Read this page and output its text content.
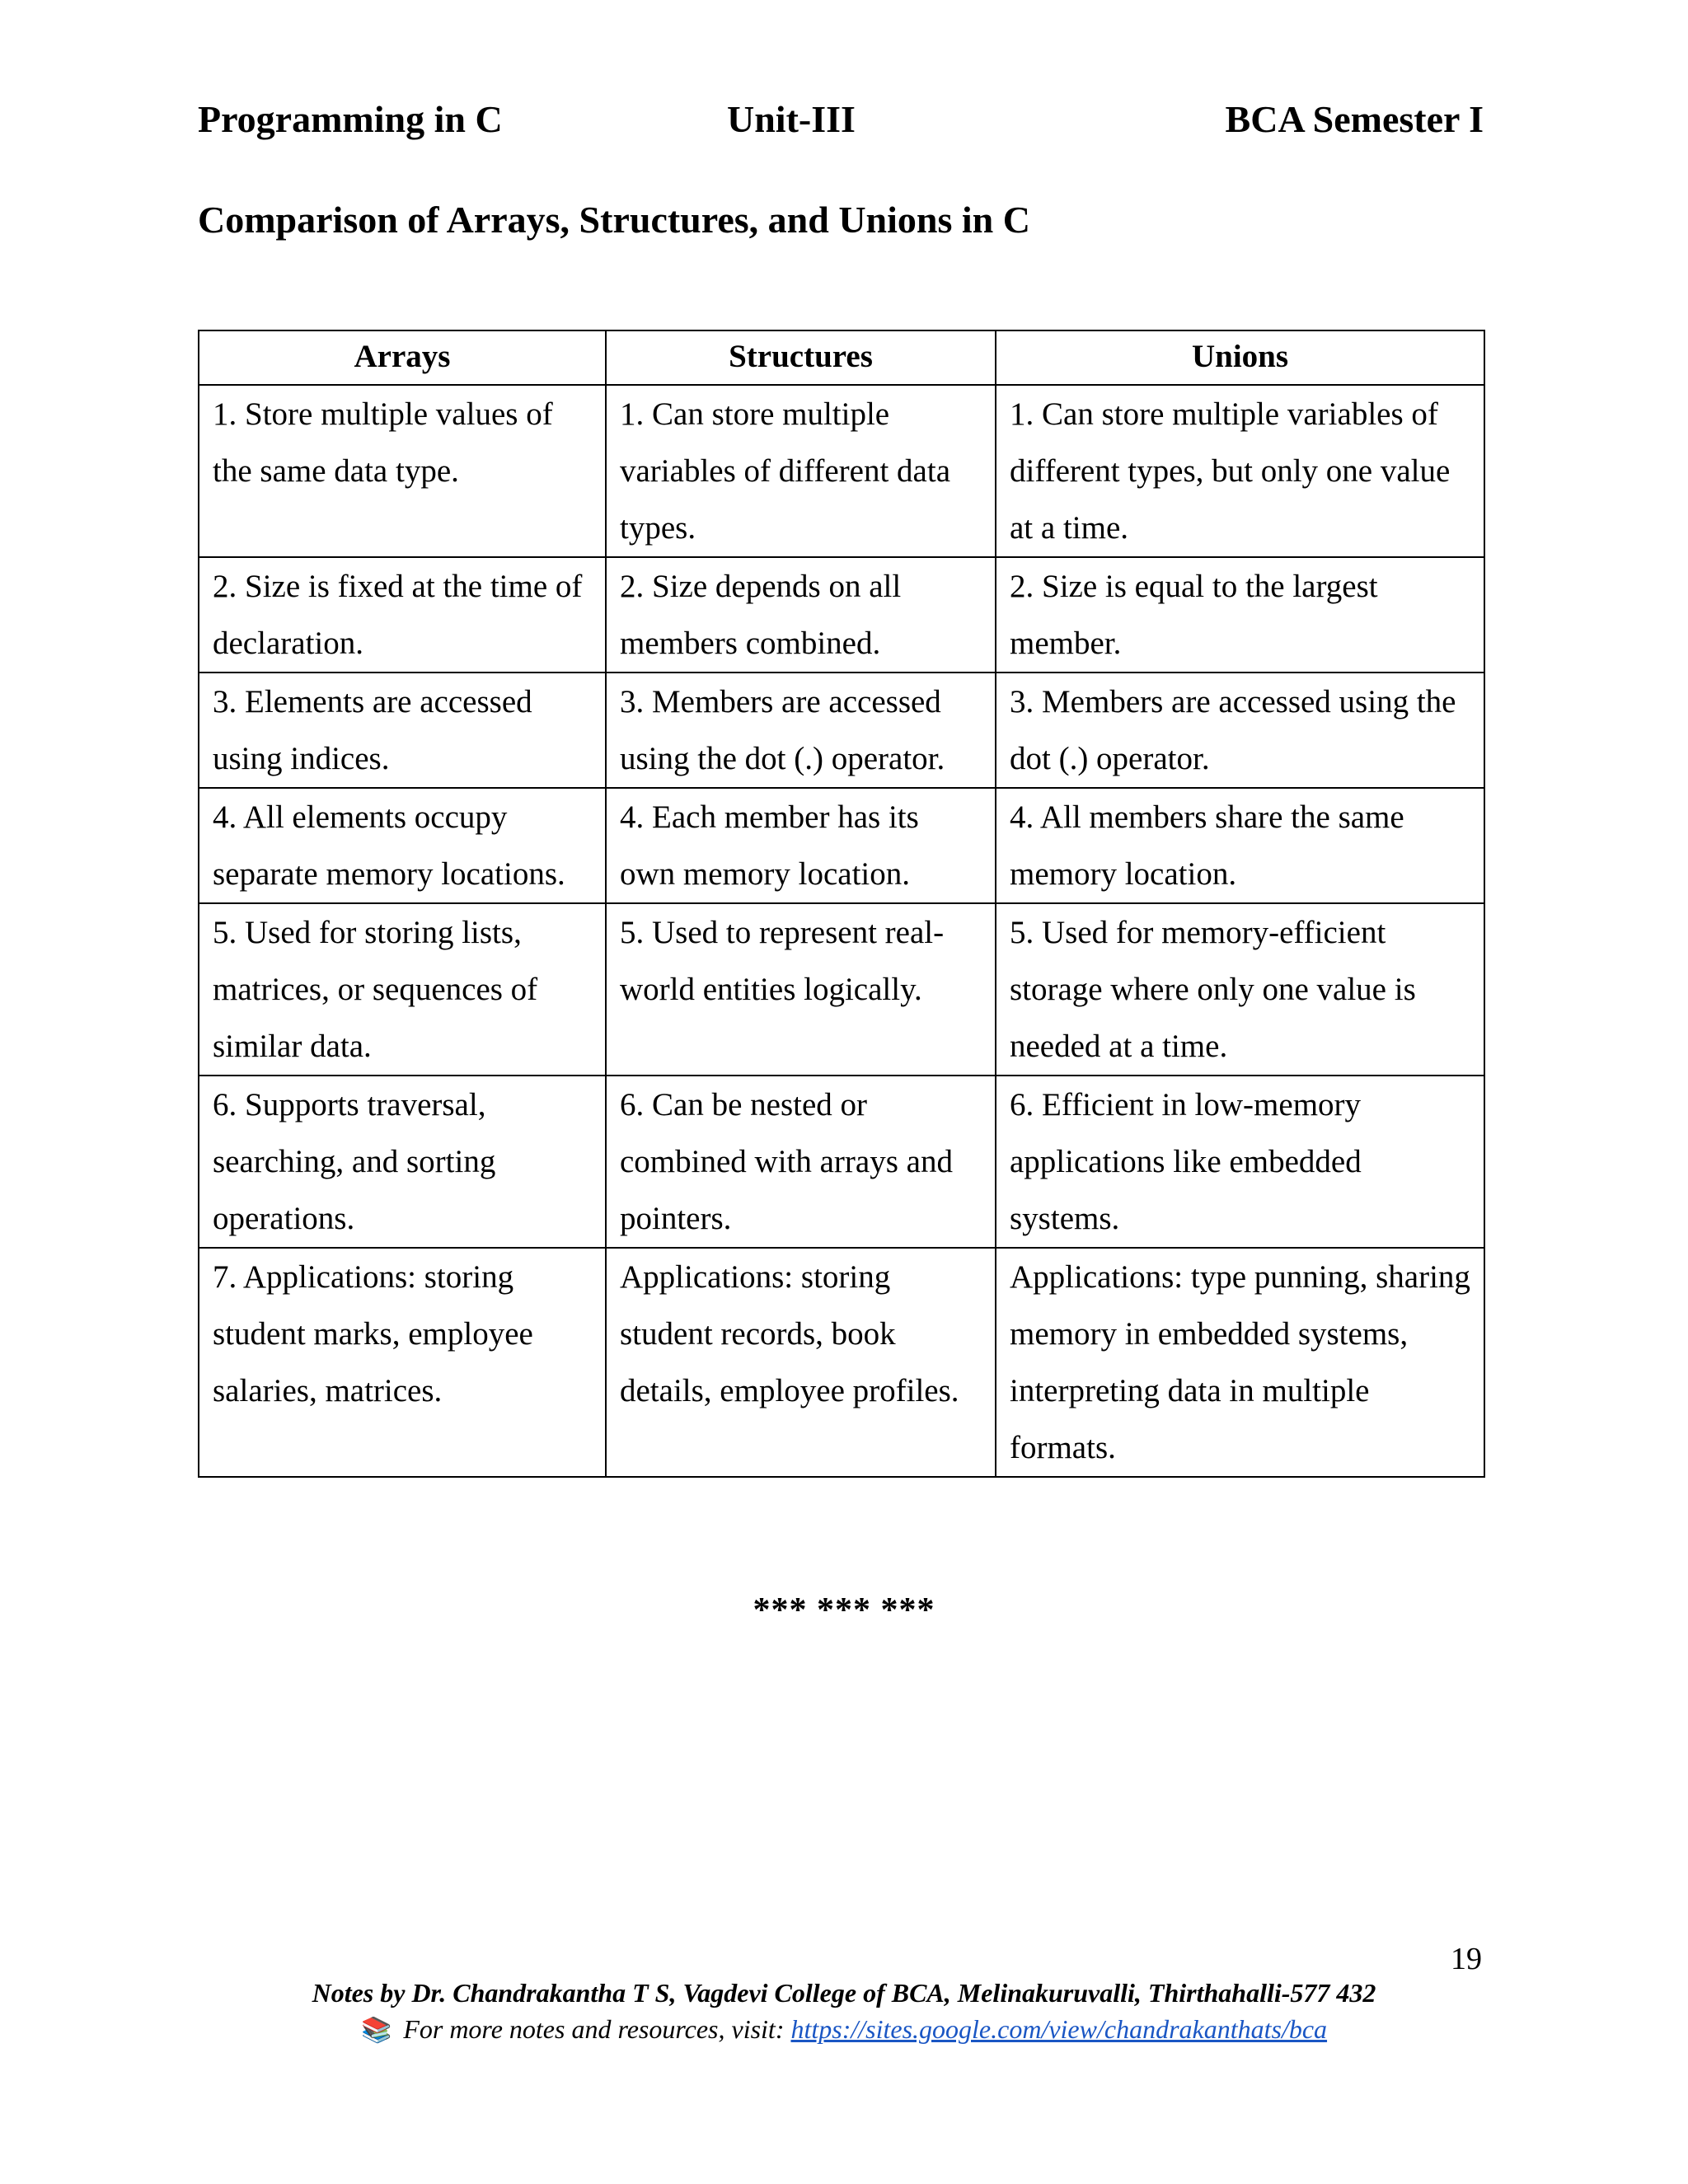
Programming in C	Unit-III	BCA Semester I
Comparison of Arrays, Structures, and Unions in C
Arrays	Structures	Unions
1. Store multiple values of the same data type.	1. Can store multiple variables of different data types.	1. Can store multiple variables of different types, but only one value at a time.
2. Size is fixed at the time of declaration.	2. Size depends on all members combined.	2. Size is equal to the largest member.
3. Elements are accessed using indices.	3. Members are accessed using the dot (.) operator.	3. Members are accessed using the dot (.) operator.
4. All elements occupy separate memory locations.	4. Each member has its own memory location.	4. All members share the same memory location.
5. Used for storing lists, matrices, or sequences of similar data.	5. Used to represent real-world entities logically.	5. Used for memory-efficient storage where only one value is needed at a time.
6. Supports traversal, searching, and sorting operations.	6. Can be nested or combined with arrays and pointers.	6. Efficient in low-memory applications like embedded systems.
7. Applications: storing student marks, employee salaries, matrices.	Applications: storing student records, book details, employee profiles.	Applications: type punning, sharing memory in embedded systems, interpreting data in multiple formats.
*** *** ***
19
Notes by Dr. Chandrakantha T S, Vagdevi College of BCA, Melinakuruvalli, Thirthahalli-577 432
📚 For more notes and resources, visit: https://sites.google.com/view/chandrakanthats/bca
